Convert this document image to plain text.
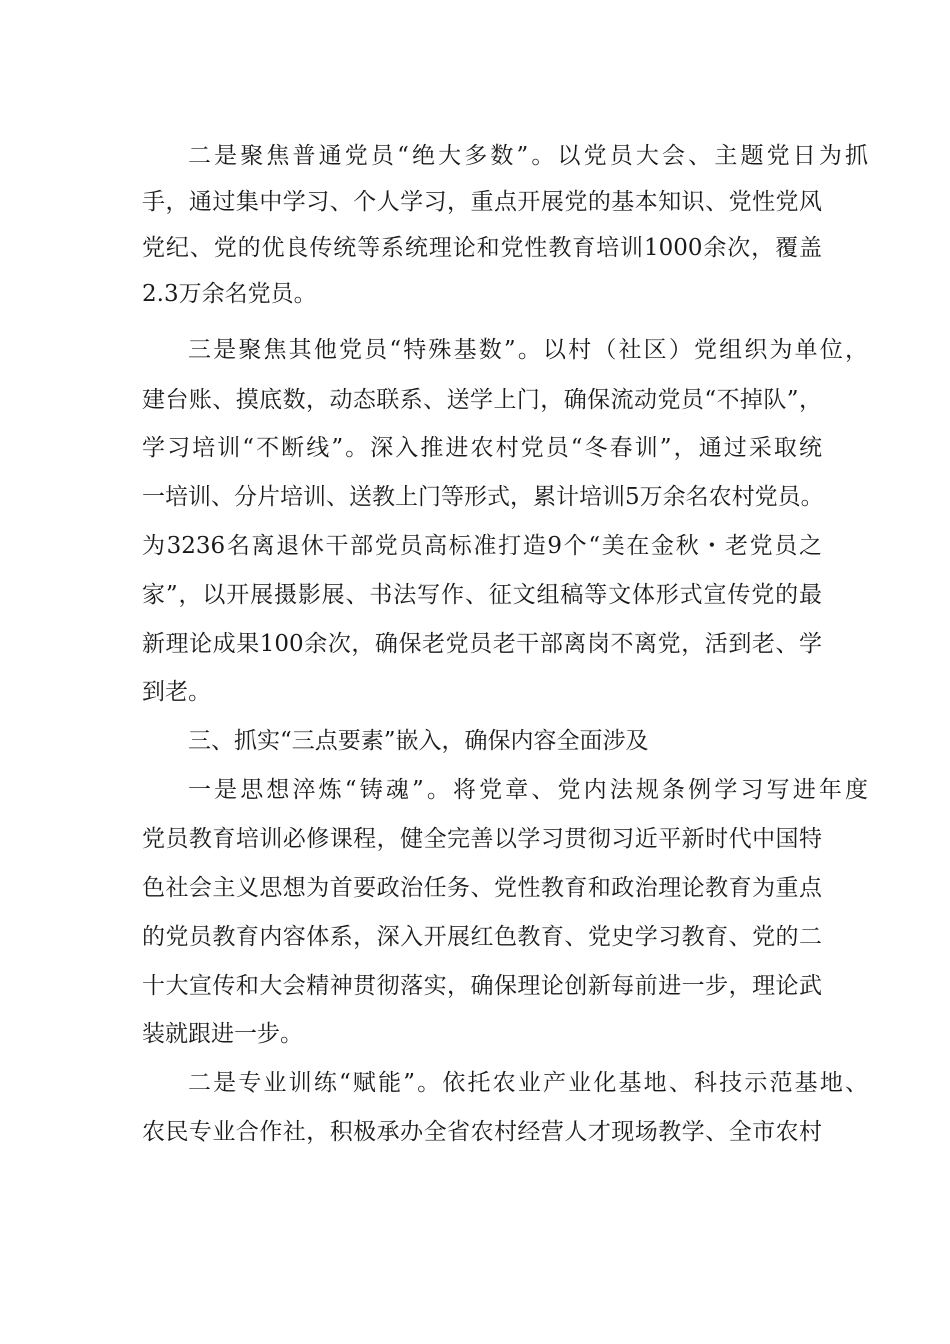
二是聚焦普通党员“绝大多数”。以党员大会、主题党日为抓
手，通过集中学习、个人学习，重点开展党的基本知识、党性党风
党纪、党的优良传统等系统理论和党性教育培训1000余次，覆盖
2.3万余名党员。
三是聚焦其他党员“特殊基数”。以村（社区）党组织为单位，
建台账、摸底数，动态联系、送学上门，确保流动党员“不掉队”，
学习培训“不断线”。深入推进农村党员“冬春训”，通过采取统
一培训、分片培训、送教上门等形式，累计培训5万余名农村党员。
为3236名离退休干部党员高标准打造9个“美在金秋・老党员之
家”，以开展摄影展、书法写作、征文组稿等文体形式宣传党的最
新理论成果100余次，确保老党员老干部离岗不离党，活到老、学
到老。
三、抓实“三点要素”嵌入，确保内容全面涉及
一是思想淬炼“铸魂”。将党章、党内法规条例学习写进年度
党员教育培训必修课程，健全完善以学习贯彻习近平新时代中国特
色社会主义思想为首要政治任务、党性教育和政治理论教育为重点
的党员教育内容体系，深入开展红色教育、党史学习教育、党的二
十大宣传和大会精神贯彻落实，确保理论创新每前进一步，理论武
装就跟进一步。
二是专业训练“赋能”。依托农业产业化基地、科技示范基地、
农民专业合作社，积极承办全省农村经营人才现场教学、全市农村
